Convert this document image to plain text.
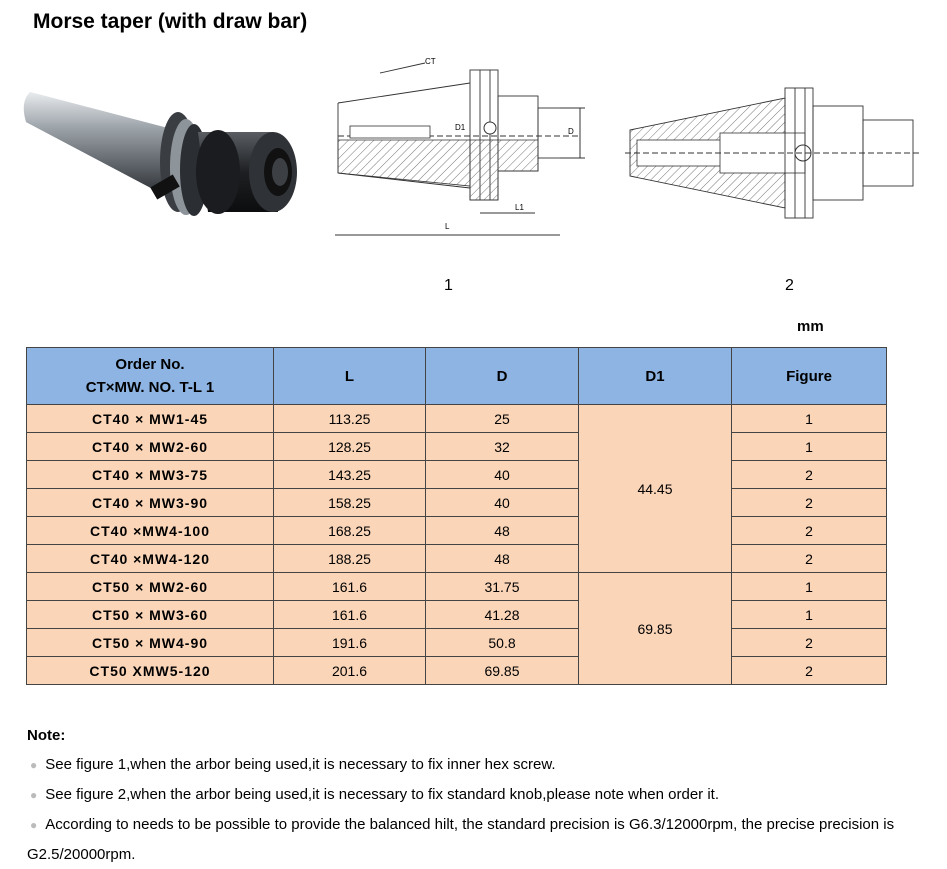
Morse taper (with draw bar)
CT
D1	D
L
L1
1	2
mm
Order No.
CT×MW. NO. T-L 1	L	D	D1	Figure
CT40 × MW1-45	113.25	25	44.45	1
CT40 × MW2-60	128.25	32		1
CT40 × MW3-75	143.25	40		2
CT40 × MW3-90	158.25	40		2
CT40 ×MW4-100	168.25	48		2
CT40 ×MW4-120	188.25	48		2
CT50 × MW2-60	161.6	31.75	69.85	1
CT50 × MW3-60	161.6	41.28		1
CT50 × MW4-90	191.6	50.8		2
CT50 XMW5-120	201.6	69.85		2
Note:
● See figure 1,when the arbor being used,it is necessary to fix inner hex screw.
● See figure 2,when the arbor being used,it is necessary to fix standard knob,please note when order it.
● According to needs to be possible to provide the balanced hilt, the standard precision is G6.3/12000rpm, the precise precision is G2.5/20000rpm.
